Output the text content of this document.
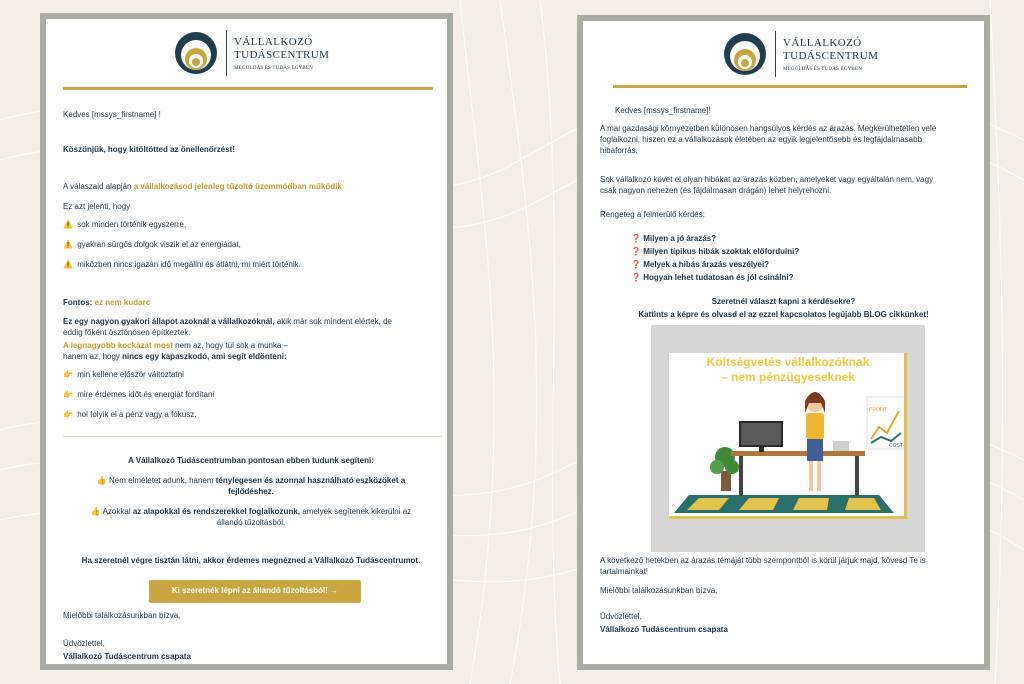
VÁLLALKOZÓ
TUDÁSCENTRUM
MEGOLDÁS ÉS TUDÁS EGYBEN
Kedves [mssys_firstname] !
Köszönjük, hogy kitöltötted az önellenőrzést!
A válaszaid alapján a vállalkozásod jelenleg tűzoltó üzemmódban működik
Ez azt jelenti, hogy
⚠️ sok minden történik egyszerre,
⚠️ gyakran sürgős dolgok viszik el az energiádat,
⚠️ miközben nincs igazán idő megállni és átlátni, mi miért történik.
Fontos: ez nem kudarc
Ez egy nagyon gyakori állapot azoknál a vállalkozóknál, akik már sok mindent elértek, de
eddig főként ösztönösen építkeztek.
A legnagyobb kockázat most nem az, hogy túl sok a munka –
hanem az, hogy nincs egy kapaszkodó, ami segít eldönteni:
👉 min kellene először változtatni
👉 mire érdemes időt és energiát fordítani
👉 hol folyik el a pénz vagy a fókusz.
A Vállalkozó Tudáscentrumban pontosan ebben tudunk segíteni:
👍 Nem elméletet adunk, hanem ténylegesen és azonnal használható eszközöket a
fejlődéshez.
👍 Azokkal az alapokkal és rendszerekkel foglalkozunk, amelyek segítenek kikerülni az
állandó tűzoltásból.
Ha szeretnél végre tisztán látni, akkor érdemes megnézned a Vállalkozó Tudáscentrumot.
Ki szeretnék lépni az állandó tűzoltásból! →
Mielőbbi találkozásunkban bízva,
Üdvözlettel,
Vállalkozó Tudáscentrum csapata
VÁLLALKOZÓ
TUDÁSCENTRUM
MEGOLDÁS ÉS TUDÁS EGYBEN
Kedves [mssys_firstname]!
A mai gazdasági környezetben különösen hangsúlyos kérdés az árazás. Megkerülhetetlen vele
foglalkozni, hiszen ez a vállalkozások életében az egyik legjelentősebb és legfájdalmasabb
hibaforrás.
Sok vállalkozó követ el olyan hibákat az árazás közben, amelyeket vagy egyáltalán nem, vagy
csak nagyon nehezen (és fájdalmasan drágán) lehet helyrehozni.
Rengeteg a felmerülő kérdés:
❓ Milyen a jó árazás?
❓ Milyen típikus hibák szoktak előfordulni?
❓ Melyek a hibás árazás veszélyei?
❓ Hogyan lehet tudatosan és jól csinálni?
Szeretnél választ kapni a kérdésekre?
Kattints a képre és olvasd el az ezzel kapcsolatos legújabb BLOG cikkünket!
Költségvetés vállalkozóknak
– nem pénzügyeseknek
PROFIT
COST
A következő hetekben az árazás témáját több szempontból is körül járjuk majd, kövesd Te is
tartalmainkat!
Mielőbbi találkozásunkban bízva,
Üdvözlettel,
Vállalkozó Tudáscentrum csapata
